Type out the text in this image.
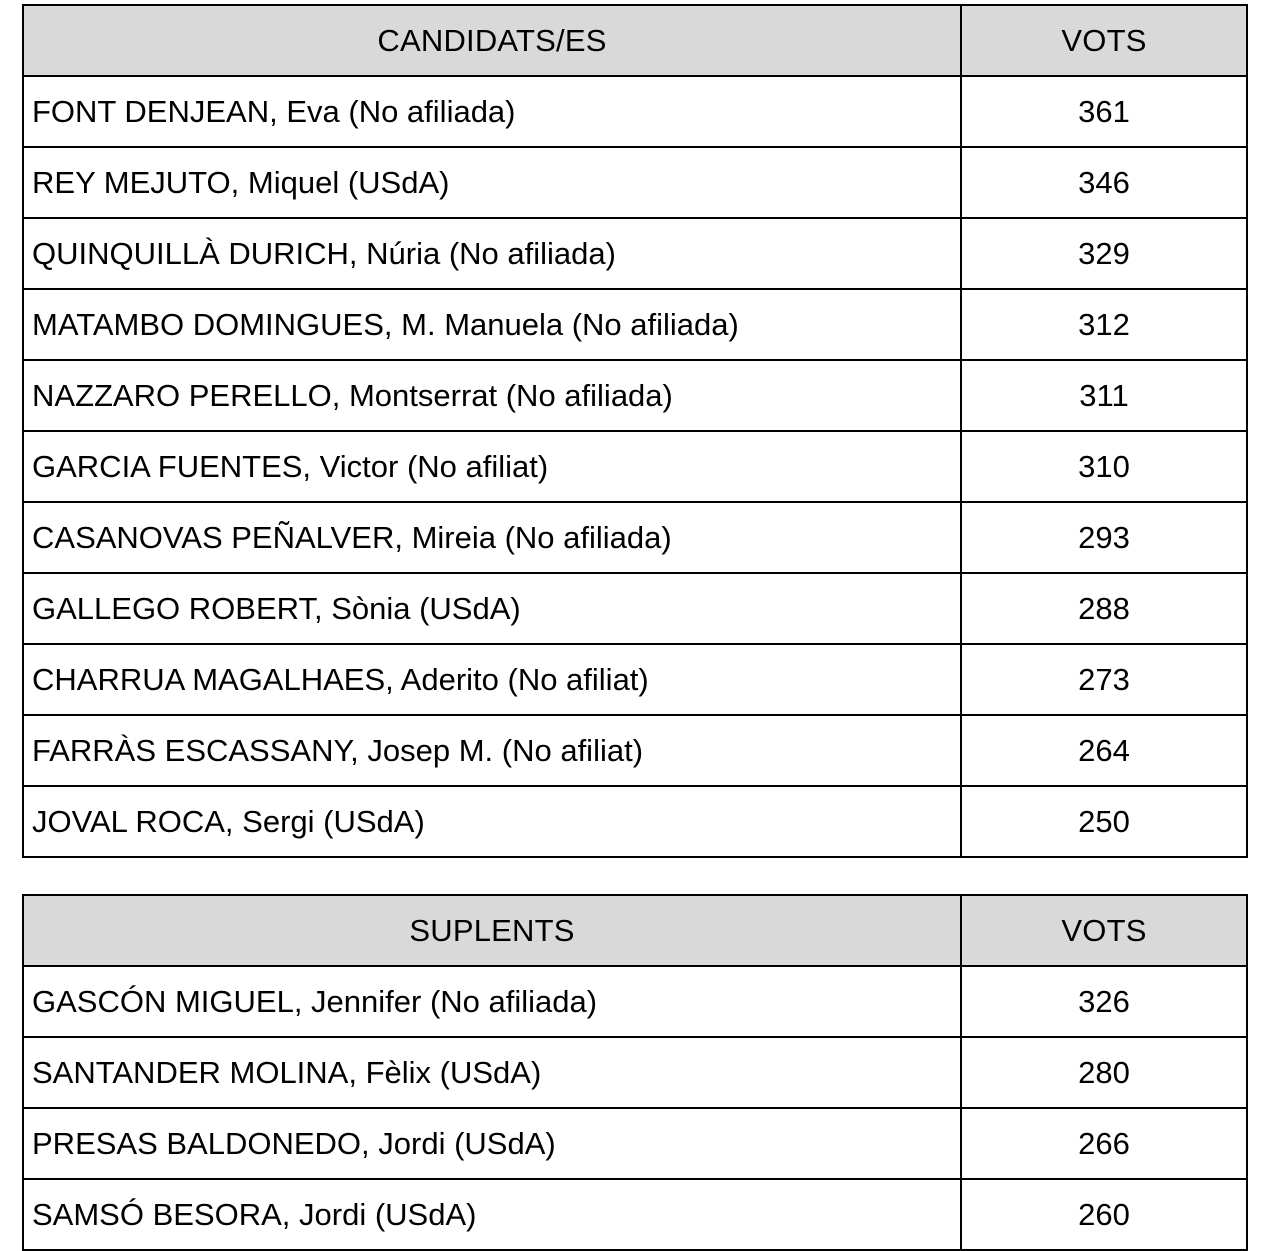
CANDIDATS/ES	VOTS
FONT DENJEAN, Eva (No afiliada)	361
REY MEJUTO, Miquel (USdA)	346
QUINQUILLÀ DURICH, Núria (No afiliada)	329
MATAMBO DOMINGUES, M. Manuela (No afiliada)	312
NAZZARO PERELLO, Montserrat (No afiliada)	311
GARCIA FUENTES, Victor (No afiliat)	310
CASANOVAS PEÑALVER, Mireia (No afiliada)	293
GALLEGO ROBERT, Sònia (USdA)	288
CHARRUA MAGALHAES, Aderito (No afiliat)	273
FARRÀS ESCASSANY, Josep M. (No afiliat)	264
JOVAL ROCA, Sergi (USdA)	250
SUPLENTS	VOTS
GASCÓN MIGUEL, Jennifer (No afiliada)	326
SANTANDER MOLINA, Fèlix (USdA)	280
PRESAS BALDONEDO, Jordi (USdA)	266
SAMSÓ BESORA, Jordi (USdA)	260
